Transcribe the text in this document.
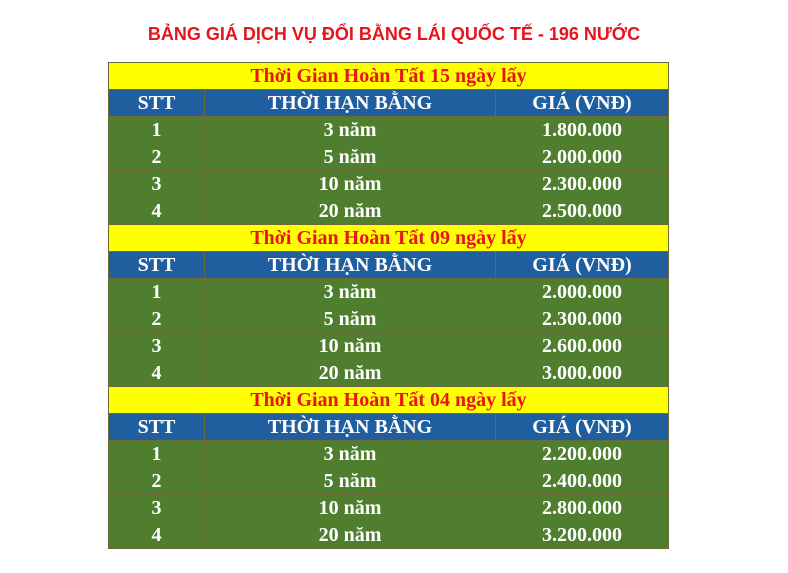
BẢNG GIÁ DỊCH VỤ ĐỔI BẰNG LÁI QUỐC TẾ - 196 NƯỚC
Thời Gian Hoàn Tất 15 ngày lấy		
STT	THỜI HẠN BẰNG	GIÁ (VNĐ)
1	3 năm	1.800.000
2	5 năm	2.000.000
3	10 năm	2.300.000
4	20 năm	2.500.000
Thời Gian Hoàn Tất 09 ngày lấy		
STT	THỜI HẠN BẰNG	GIÁ (VNĐ)
1	3 năm	2.000.000
2	5 năm	2.300.000
3	10 năm	2.600.000
4	20 năm	3.000.000
Thời Gian Hoàn Tất 04 ngày lấy		
STT	THỜI HẠN BẰNG	GIÁ (VNĐ)
1	3 năm	2.200.000
2	5 năm	2.400.000
3	10 năm	2.800.000
4	20 năm	3.200.000
